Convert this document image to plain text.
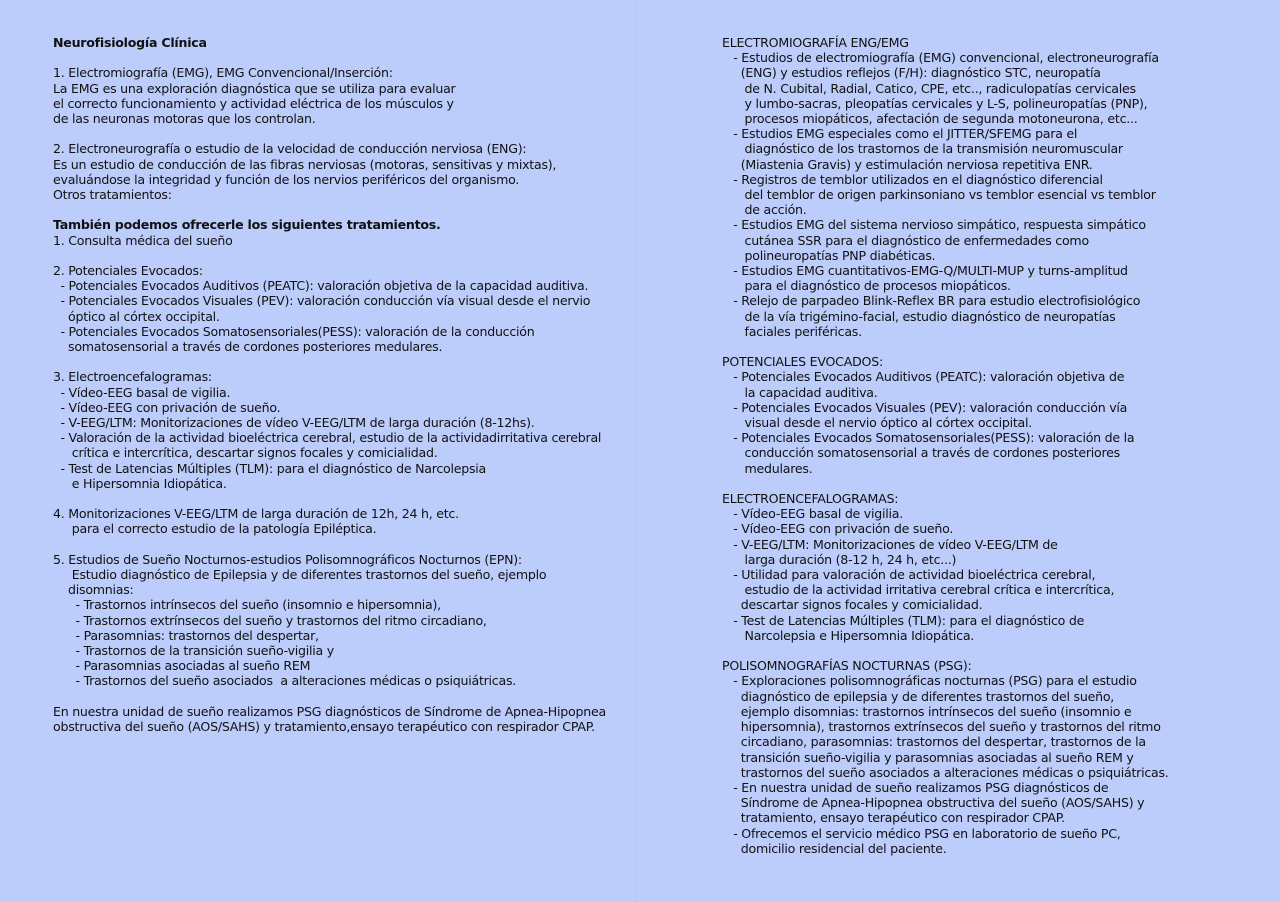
Neurofisiología Clínica
1. Electromiografía (EMG), EMG Convencional/Inserción:
La EMG es una exploración diagnóstica que se utiliza para evaluar
el correcto funcionamiento y actividad eléctrica de los músculos y
de las neuronas motoras que los controlan.
2. Electroneurografía o estudio de la velocidad de conducción nerviosa (ENG):
Es un estudio de conducción de las fibras nerviosas (motoras, sensitivas y mixtas),
evaluándose la integridad y función de los nervios periféricos del organismo.
Otros tratamientos:
También podemos ofrecerle los siguientes tratamientos.
1. Consulta médica del sueño
2. Potenciales Evocados:
- Potenciales Evocados Auditivos (PEATC): valoración objetiva de la capacidad auditiva.
- Potenciales Evocados Visuales (PEV): valoración conducción vía visual desde el nervio
óptico al córtex occipital.
- Potenciales Evocados Somatosensoriales(PESS): valoración de la conducción
somatosensorial a través de cordones posteriores medulares.
3. Electroencefalogramas:
- Vídeo-EEG basal de vigilia.
- Vídeo-EEG con privación de sueño.
- V-EEG/LTM: Monitorizaciones de vídeo V-EEG/LTM de larga duración (8-12hs).
- Valoración de la actividad bioeléctrica cerebral, estudio de la actividadirritativa cerebral
crítica e intercrítica, descartar signos focales y comicialidad.
- Test de Latencias Múltiples (TLM): para el diagnóstico de Narcolepsia
e Hipersomnia Idiopática.
4. Monitorizaciones V-EEG/LTM de larga duración de 12h, 24 h, etc.
para el correcto estudio de la patología Epiléptica.
5. Estudios de Sueño Nocturnos-estudios Polisomnográficos Nocturnos (EPN):
Estudio diagnóstico de Epilepsia y de diferentes trastornos del sueño, ejemplo
disomnias:
- Trastornos intrínsecos del sueño (insomnio e hipersomnia),
- Trastornos extrínsecos del sueño y trastornos del ritmo circadiano,
- Parasomnias: trastornos del despertar,
- Trastornos de la transición sueño-vigilia y
- Parasomnias asociadas al sueño REM
- Trastornos del sueño asociados  a alteraciones médicas o psiquiátricas.
En nuestra unidad de sueño realizamos PSG diagnósticos de Síndrome de Apnea-Hipopnea
obstructiva del sueño (AOS/SAHS) y tratamiento,ensayo terapéutico con respirador CPAP.
ELECTROMIOGRAFÍA ENG/EMG
- Estudios de electromiografía (EMG) convencional, electroneurografía
(ENG) y estudios reflejos (F/H): diagnóstico STC, neuropatía
de N. Cubital, Radial, Catico, CPE, etc.., radiculopatías cervicales
y lumbo-sacras, pleopatías cervicales y L-S, polineuropatías (PNP),
procesos miopáticos, afectación de segunda motoneurona, etc...
- Estudios EMG especiales como el JITTER/SFEMG para el
diagnóstico de los trastornos de la transmisión neuromuscular
(Miastenia Gravis) y estimulación nerviosa repetitiva ENR.
- Registros de temblor utilizados en el diagnóstico diferencial
del temblor de origen parkinsoniano vs temblor esencial vs temblor
de acción.
- Estudios EMG del sistema nervioso simpático, respuesta simpático
cutánea SSR para el diagnóstico de enfermedades como
polineuropatías PNP diabéticas.
- Estudios EMG cuantitativos-EMG-Q/MULTI-MUP y turns-amplitud
para el diagnóstico de procesos miopáticos.
- Relejo de parpadeo Blink-Reflex BR para estudio electrofisiológico
de la vía trigémino-facial, estudio diagnóstico de neuropatías
faciales periféricas.
POTENCIALES EVOCADOS:
- Potenciales Evocados Auditivos (PEATC): valoración objetiva de
la capacidad auditiva.
- Potenciales Evocados Visuales (PEV): valoración conducción vía
visual desde el nervio óptico al córtex occipital.
- Potenciales Evocados Somatosensoriales(PESS): valoración de la
conducción somatosensorial a través de cordones posteriores
medulares.
ELECTROENCEFALOGRAMAS:
- Vídeo-EEG basal de vigilia.
- Vídeo-EEG con privación de sueño.
- V-EEG/LTM: Monitorizaciones de vídeo V-EEG/LTM de
larga duración (8-12 h, 24 h, etc...)
- Utilidad para valoración de actividad bioeléctrica cerebral,
estudio de la actividad irritativa cerebral crítica e intercrítica,
descartar signos focales y comicialidad.
- Test de Latencias Múltiples (TLM): para el diagnóstico de
Narcolepsia e Hipersomnia Idiopática.
POLISOMNOGRAFÍAS NOCTURNAS (PSG):
- Exploraciones polisomnográficas nocturnas (PSG) para el estudio
diagnóstico de epilepsia y de diferentes trastornos del sueño,
ejemplo disomnias: trastornos intrínsecos del sueño (insomnio e
hipersomnia), trastornos extrínsecos del sueño y trastornos del ritmo
circadiano, parasomnias: trastornos del despertar, trastornos de la
transición sueño-vigilia y parasomnias asociadas al sueño REM y
trastornos del sueño asociados a alteraciones médicas o psiquiátricas.
- En nuestra unidad de sueño realizamos PSG diagnósticos de
Síndrome de Apnea-Hipopnea obstructiva del sueño (AOS/SAHS) y
tratamiento, ensayo terapéutico con respirador CPAP.
- Ofrecemos el servicio médico PSG en laboratorio de sueño PC,
domicilio residencial del paciente.
